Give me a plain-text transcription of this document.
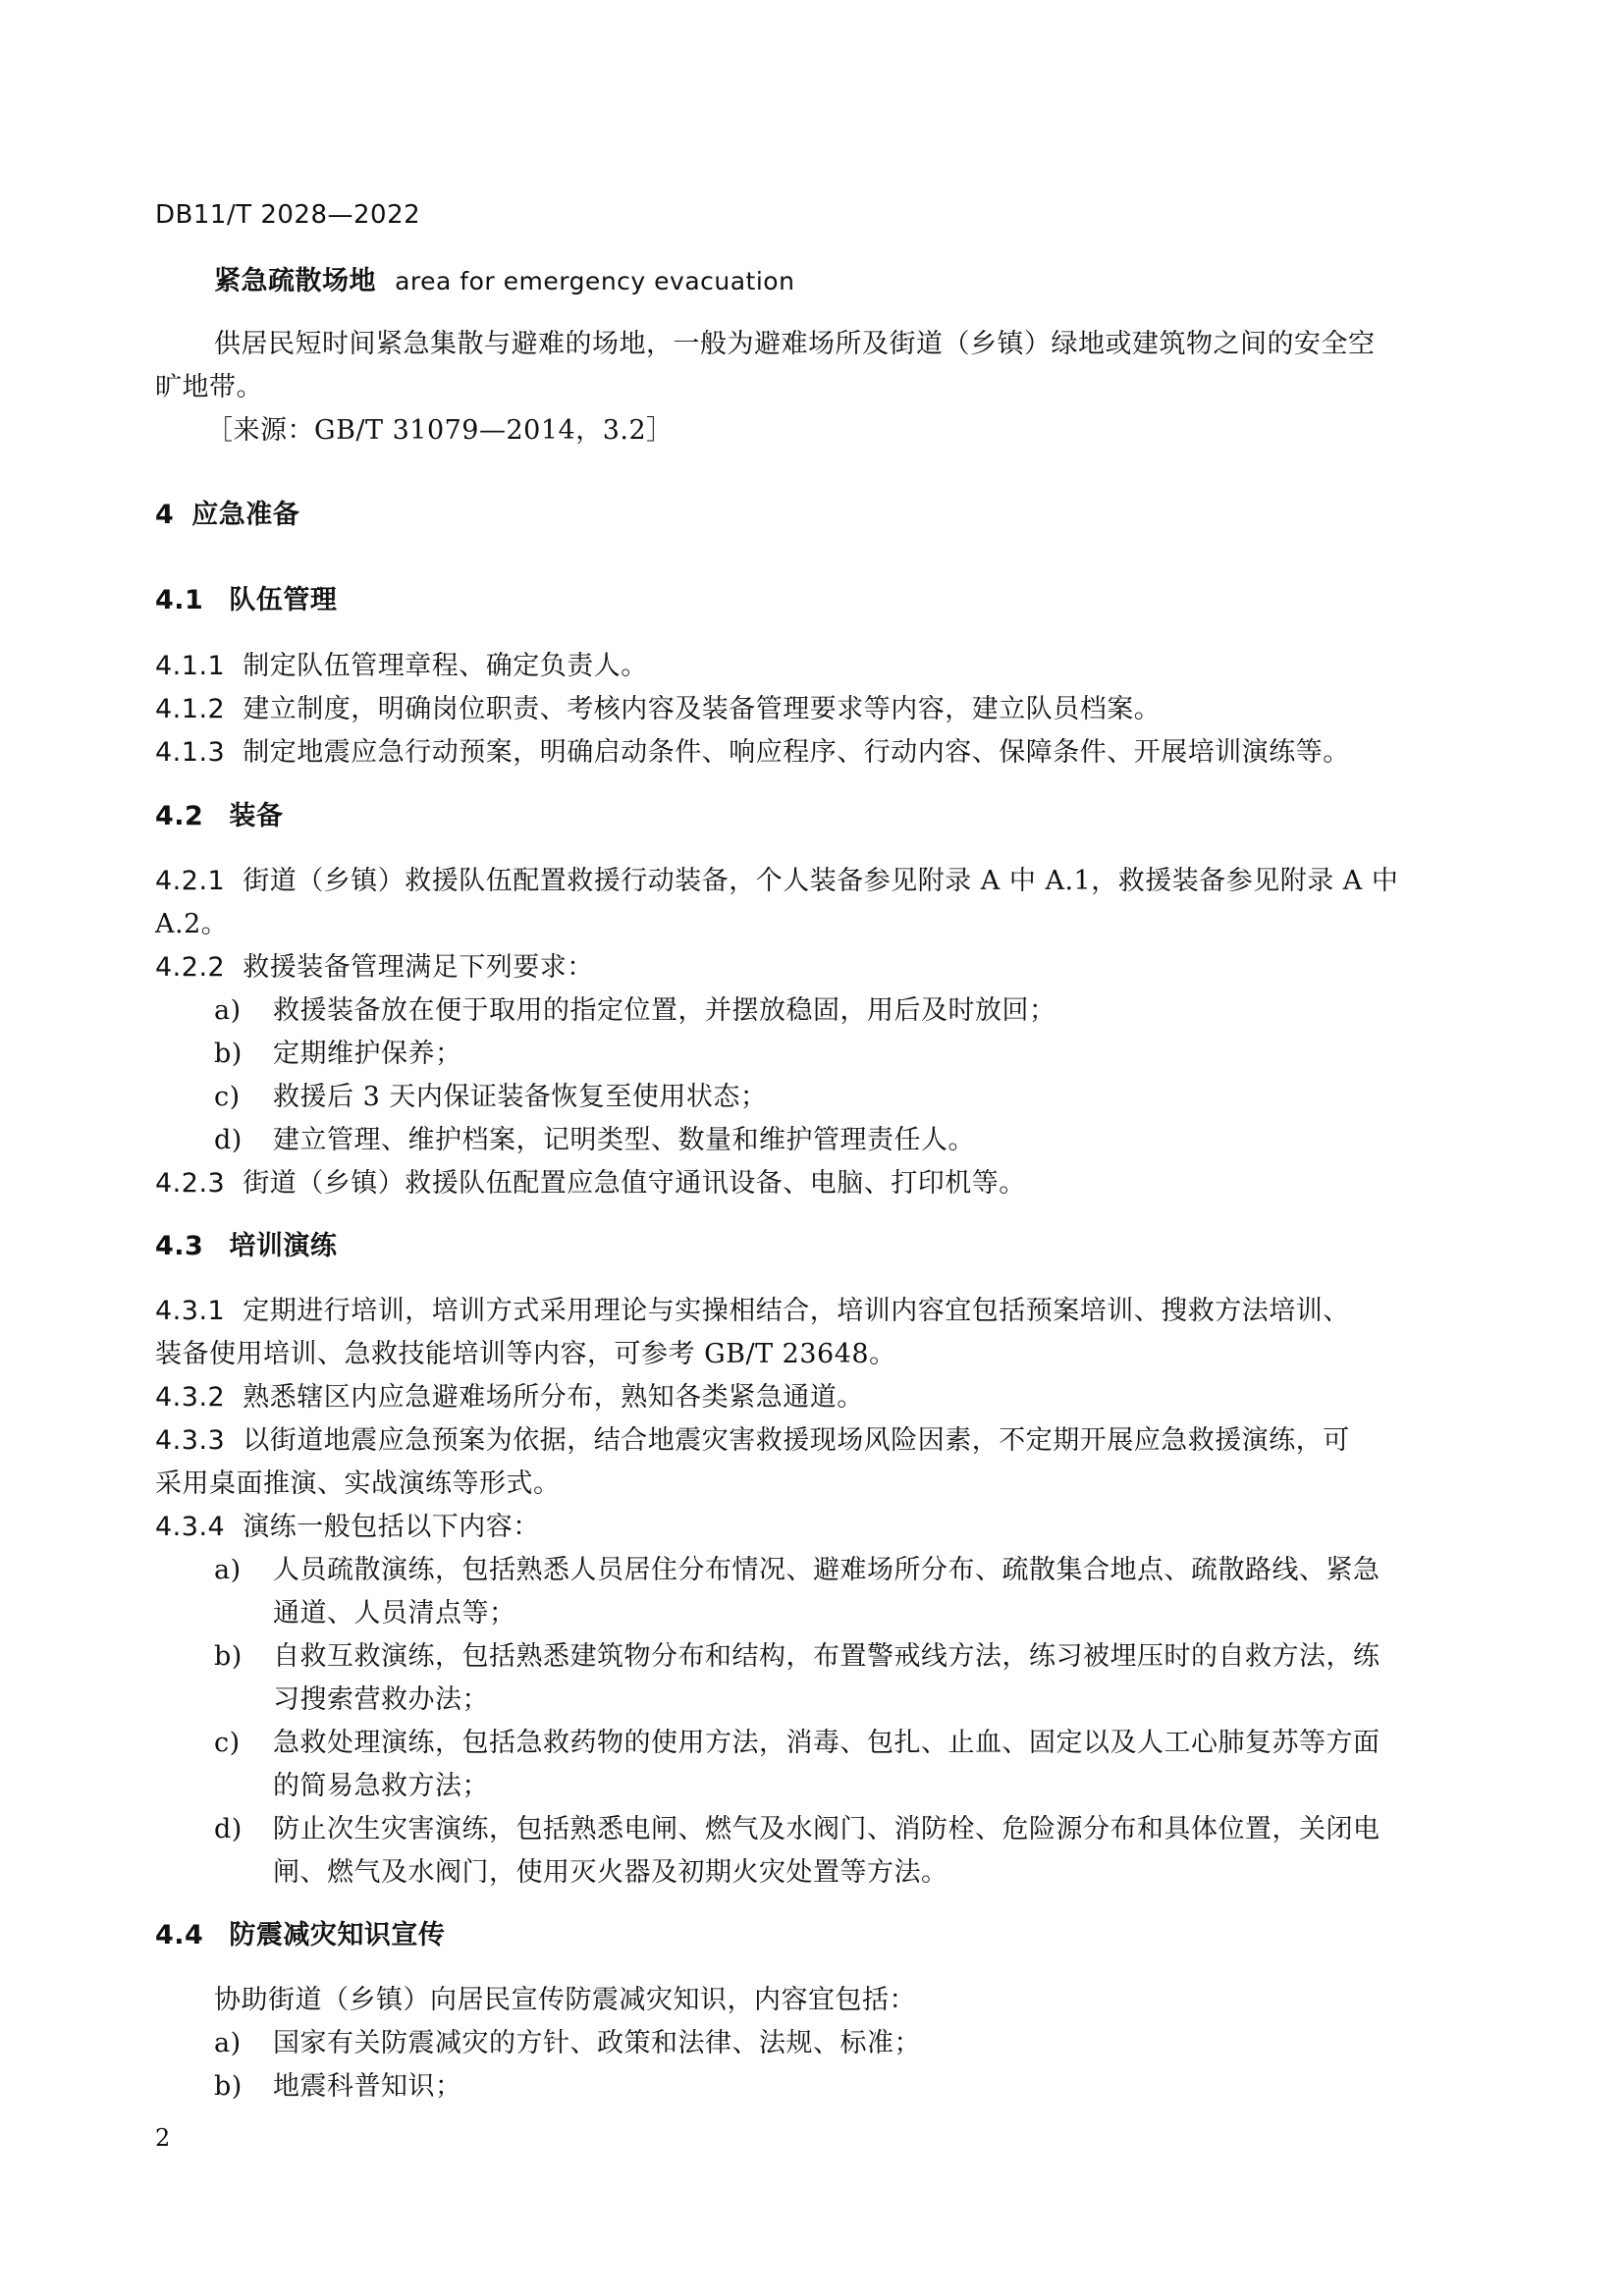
DB11/T 2028—2022
紧急疏散场地 area for emergency evacuation
供居民短时间紧急集散与避难的场地，一般为避难场所及街道（乡镇）绿地或建筑物之间的安全空
旷地带。
［来源：GB/T 31079—2014，3.2］
4 应急准备
4.1 队伍管理
4.1.1 制定队伍管理章程、确定负责人。
4.1.2 建立制度，明确岗位职责、考核内容及装备管理要求等内容，建立队员档案。
4.1.3 制定地震应急行动预案，明确启动条件、响应程序、行动内容、保障条件、开展培训演练等。
4.2 装备
4.2.1 街道（乡镇）救援队伍配置救援行动装备，个人装备参见附录 A 中 A.1，救援装备参见附录 A 中
A.2。
4.2.2 救援装备管理满足下列要求：
a) 救援装备放在便于取用的指定位置，并摆放稳固，用后及时放回；
b) 定期维护保养；
c) 救援后 3 天内保证装备恢复至使用状态；
d) 建立管理、维护档案，记明类型、数量和维护管理责任人。
4.2.3 街道（乡镇）救援队伍配置应急值守通讯设备、电脑、打印机等。
4.3 培训演练
4.3.1 定期进行培训，培训方式采用理论与实操相结合，培训内容宜包括预案培训、搜救方法培训、
装备使用培训、急救技能培训等内容，可参考 GB/T 23648。
4.3.2 熟悉辖区内应急避难场所分布，熟知各类紧急通道。
4.3.3 以街道地震应急预案为依据，结合地震灾害救援现场风险因素，不定期开展应急救援演练，可
采用桌面推演、实战演练等形式。
4.3.4 演练一般包括以下内容：
a) 人员疏散演练，包括熟悉人员居住分布情况、避难场所分布、疏散集合地点、疏散路线、紧急
通道、人员清点等；
b) 自救互救演练，包括熟悉建筑物分布和结构，布置警戒线方法，练习被埋压时的自救方法，练
习搜索营救办法；
c) 急救处理演练，包括急救药物的使用方法，消毒、包扎、止血、固定以及人工心肺复苏等方面
的简易急救方法；
d) 防止次生灾害演练，包括熟悉电闸、燃气及水阀门、消防栓、危险源分布和具体位置，关闭电
闸、燃气及水阀门，使用灭火器及初期火灾处置等方法。
4.4 防震减灾知识宣传
协助街道（乡镇）向居民宣传防震减灾知识，内容宜包括：
a) 国家有关防震减灾的方针、政策和法律、法规、标准；
b) 地震科普知识；
2
